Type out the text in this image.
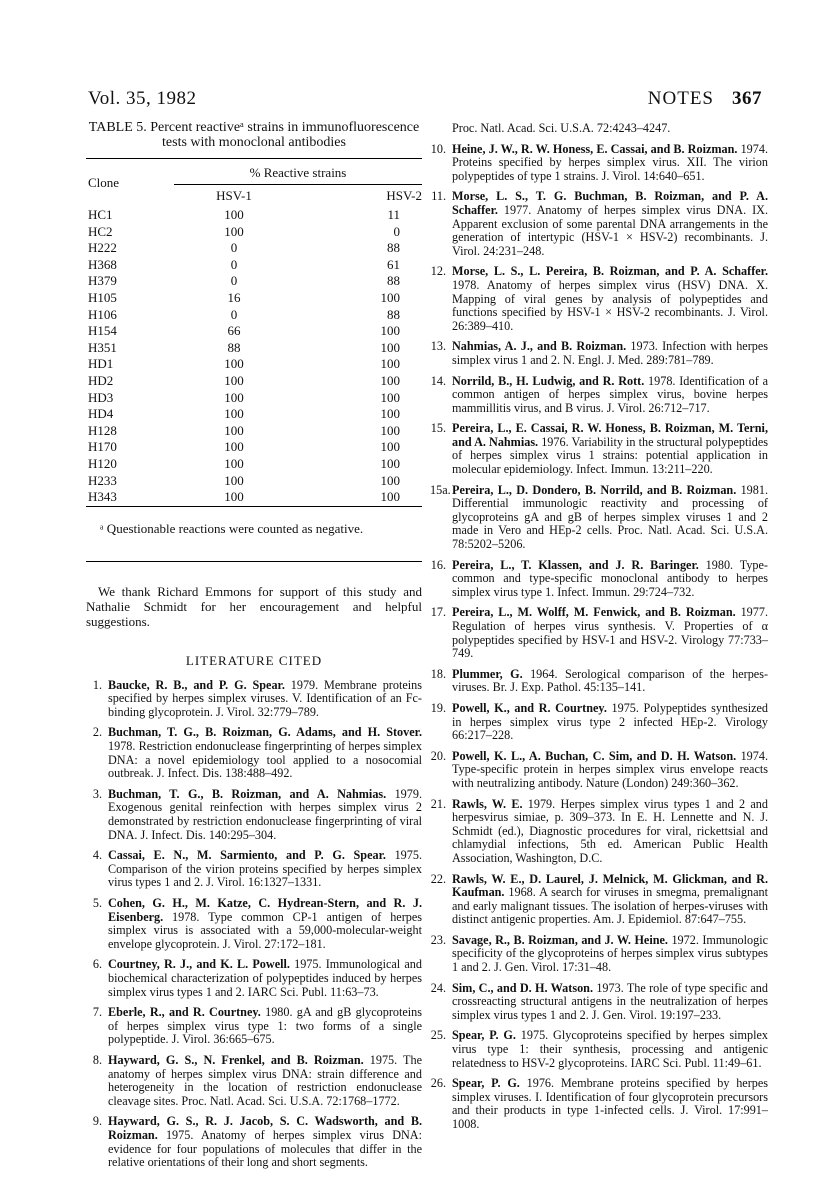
Vol. 35, 1982	NOTES 367
TABLE 5. Percent reactiveᵃ strains in immunofluorescence tests with monoclonal antibodies
Clone	% Reactive strains	
	HSV-1	HSV-2
HC1	100	11
HC2	100	0
H222	0	88
H368	0	61
H379	0	88
H105	16	100
H106	0	88
H154	66	100
H351	88	100
HD1	100	100
HD2	100	100
HD3	100	100
HD4	100	100
H128	100	100
H170	100	100
H120	100	100
H233	100	100
H343	100	100
ᵃ Questionable reactions were counted as negative.
We thank Richard Emmons for support of this study and Nathalie Schmidt for her encouragement and helpful suggestions.
LITERATURE CITED
1. Baucke, R. B., and P. G. Spear. 1979. Membrane proteins specified by herpes simplex viruses. V. Identification of an Fc-binding glycoprotein. J. Virol. 32:779–789.
2. Buchman, T. G., B. Roizman, G. Adams, and H. Stover. 1978. Restriction endonuclease fingerprinting of herpes simplex DNA: a novel epidemiology tool applied to a nosocomial outbreak. J. Infect. Dis. 138:488–492.
3. Buchman, T. G., B. Roizman, and A. Nahmias. 1979. Exogenous genital reinfection with herpes simplex virus 2 demonstrated by restriction endonuclease fingerprinting of viral DNA. J. Infect. Dis. 140:295–304.
4. Cassai, E. N., M. Sarmiento, and P. G. Spear. 1975. Comparison of the virion proteins specified by herpes simplex virus types 1 and 2. J. Virol. 16:1327–1331.
5. Cohen, G. H., M. Katze, C. Hydrean-Stern, and R. J. Eisenberg. 1978. Type common CP-1 antigen of herpes simplex virus is associated with a 59,000-molecular-weight envelope glycoprotein. J. Virol. 27:172–181.
6. Courtney, R. J., and K. L. Powell. 1975. Immunological and biochemical characterization of polypeptides induced by herpes simplex virus types 1 and 2. IARC Sci. Publ. 11:63–73.
7. Eberle, R., and R. Courtney. 1980. gA and gB glycoproteins of herpes simplex virus type 1: two forms of a single polypeptide. J. Virol. 36:665–675.
8. Hayward, G. S., N. Frenkel, and B. Roizman. 1975. The anatomy of herpes simplex virus DNA: strain difference and heterogeneity in the location of restriction endonuclease cleavage sites. Proc. Natl. Acad. Sci. U.S.A. 72:1768–1772.
9. Hayward, G. S., R. J. Jacob, S. C. Wadsworth, and B. Roizman. 1975. Anatomy of herpes simplex virus DNA: evidence for four populations of molecules that differ in the relative orientations of their long and short segments.
Proc. Natl. Acad. Sci. U.S.A. 72:4243–4247.
10. Heine, J. W., R. W. Honess, E. Cassai, and B. Roizman. 1974. Proteins specified by herpes simplex virus. XII. The virion polypeptides of type 1 strains. J. Virol. 14:640–651.
11. Morse, L. S., T. G. Buchman, B. Roizman, and P. A. Schaffer. 1977. Anatomy of herpes simplex virus DNA. IX. Apparent exclusion of some parental DNA arrangements in the generation of intertypic (HSV-1 × HSV-2) recombinants. J. Virol. 24:231–248.
12. Morse, L. S., L. Pereira, B. Roizman, and P. A. Schaffer. 1978. Anatomy of herpes simplex virus (HSV) DNA. X. Mapping of viral genes by analysis of polypeptides and functions specified by HSV-1 × HSV-2 recombinants. J. Virol. 26:389–410.
13. Nahmias, A. J., and B. Roizman. 1973. Infection with herpes simplex virus 1 and 2. N. Engl. J. Med. 289:781–789.
14. Norrild, B., H. Ludwig, and R. Rott. 1978. Identification of a common antigen of herpes simplex virus, bovine herpes mammillitis virus, and B virus. J. Virol. 26:712–717.
15. Pereira, L., E. Cassai, R. W. Honess, B. Roizman, M. Terni, and A. Nahmias. 1976. Variability in the structural polypeptides of herpes simplex virus 1 strains: potential application in molecular epidemiology. Infect. Immun. 13:211–220.
15a. Pereira, L., D. Dondero, B. Norrild, and B. Roizman. 1981. Differential immunologic reactivity and processing of glycoproteins gA and gB of herpes simplex viruses 1 and 2 made in Vero and HEp-2 cells. Proc. Natl. Acad. Sci. U.S.A. 78:5202–5206.
16. Pereira, L., T. Klassen, and J. R. Baringer. 1980. Type-common and type-specific monoclonal antibody to herpes simplex virus type 1. Infect. Immun. 29:724–732.
17. Pereira, L., M. Wolff, M. Fenwick, and B. Roizman. 1977. Regulation of herpes virus synthesis. V. Properties of α polypeptides specified by HSV-1 and HSV-2. Virology 77:733–749.
18. Plummer, G. 1964. Serological comparison of the herpes-viruses. Br. J. Exp. Pathol. 45:135–141.
19. Powell, K., and R. Courtney. 1975. Polypeptides synthesized in herpes simplex virus type 2 infected HEp-2. Virology 66:217–228.
20. Powell, K. L., A. Buchan, C. Sim, and D. H. Watson. 1974. Type-specific protein in herpes simplex virus envelope reacts with neutralizing antibody. Nature (London) 249:360–362.
21. Rawls, W. E. 1979. Herpes simplex virus types 1 and 2 and herpesvirus simiae, p. 309–373. In E. H. Lennette and N. J. Schmidt (ed.), Diagnostic procedures for viral, rickettsial and chlamydial infections, 5th ed. American Public Health Association, Washington, D.C.
22. Rawls, W. E., D. Laurel, J. Melnick, M. Glickman, and R. Kaufman. 1968. A search for viruses in smegma, premalignant and early malignant tissues. The isolation of herpes-viruses with distinct antigenic properties. Am. J. Epidemiol. 87:647–755.
23. Savage, R., B. Roizman, and J. W. Heine. 1972. Immunologic specificity of the glycoproteins of herpes simplex virus subtypes 1 and 2. J. Gen. Virol. 17:31–48.
24. Sim, C., and D. H. Watson. 1973. The role of type specific and crossreacting structural antigens in the neutralization of herpes simplex virus types 1 and 2. J. Gen. Virol. 19:197–233.
25. Spear, P. G. 1975. Glycoproteins specified by herpes simplex virus type 1: their synthesis, processing and antigenic relatedness to HSV-2 glycoproteins. IARC Sci. Publ. 11:49–61.
26. Spear, P. G. 1976. Membrane proteins specified by herpes simplex viruses. I. Identification of four glycoprotein precursors and their products in type 1-infected cells. J. Virol. 17:991–1008.
